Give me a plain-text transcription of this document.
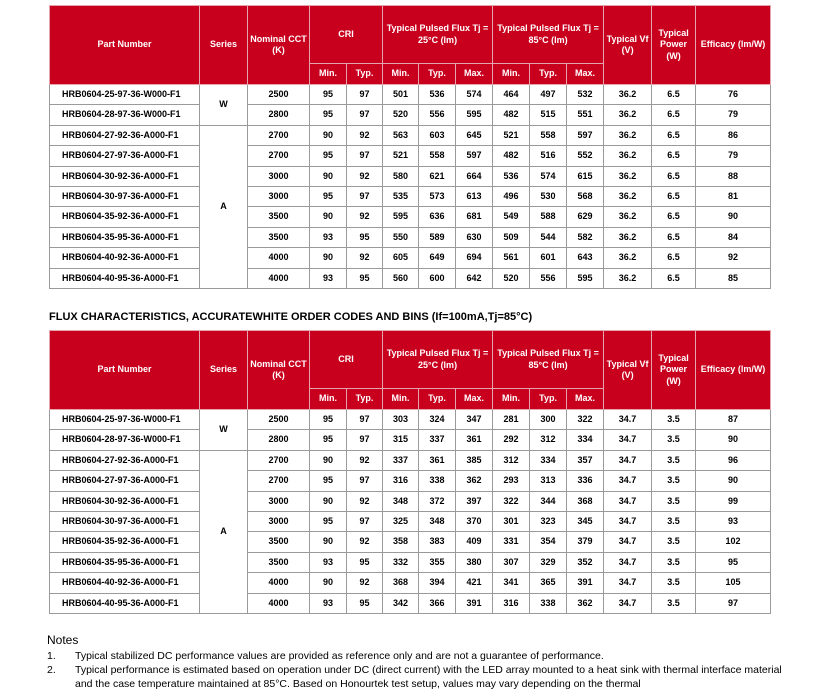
Part Number	Series	Nominal CCT (K)	CRI		Typical Pulsed Flux Tj = 25°C (lm)			Typical Pulsed Flux Tj = 85°C (lm)			Typical Vf (V)	Typical Power (W)	Efficacy (lm/W)
			Min.	Typ.	Min.	Typ.	Max.	Min.	Typ.	Max.			
HRB0604-25-97-36-W000-F1	W	2500	95	97	501	536	574	464	497	532	36.2	6.5	76
HRB0604-28-97-36-W000-F1		2800	95	97	520	556	595	482	515	551	36.2	6.5	79
HRB0604-27-92-36-A000-F1	A	2700	90	92	563	603	645	521	558	597	36.2	6.5	86
HRB0604-27-97-36-A000-F1		2700	95	97	521	558	597	482	516	552	36.2	6.5	79
HRB0604-30-92-36-A000-F1		3000	90	92	580	621	664	536	574	615	36.2	6.5	88
HRB0604-30-97-36-A000-F1		3000	95	97	535	573	613	496	530	568	36.2	6.5	81
HRB0604-35-92-36-A000-F1		3500	90	92	595	636	681	549	588	629	36.2	6.5	90
HRB0604-35-95-36-A000-F1		3500	93	95	550	589	630	509	544	582	36.2	6.5	84
HRB0604-40-92-36-A000-F1		4000	90	92	605	649	694	561	601	643	36.2	6.5	92
HRB0604-40-95-36-A000-F1		4000	93	95	560	600	642	520	556	595	36.2	6.5	85
FLUX CHARACTERISTICS, ACCURATEWHITE ORDER CODES AND BINS (If=100mA,Tj=85°C)
Part Number	Series	Nominal CCT (K)	CRI		Typical Pulsed Flux Tj = 25°C (lm)			Typical Pulsed Flux Tj = 85°C (lm)			Typical Vf (V)	Typical Power (W)	Efficacy (lm/W)
			Min.	Typ.	Min.	Typ.	Max.	Min.	Typ.	Max.			
HRB0604-25-97-36-W000-F1	W	2500	95	97	303	324	347	281	300	322	34.7	3.5	87
HRB0604-28-97-36-W000-F1		2800	95	97	315	337	361	292	312	334	34.7	3.5	90
HRB0604-27-92-36-A000-F1	A	2700	90	92	337	361	385	312	334	357	34.7	3.5	96
HRB0604-27-97-36-A000-F1		2700	95	97	316	338	362	293	313	336	34.7	3.5	90
HRB0604-30-92-36-A000-F1		3000	90	92	348	372	397	322	344	368	34.7	3.5	99
HRB0604-30-97-36-A000-F1		3000	95	97	325	348	370	301	323	345	34.7	3.5	93
HRB0604-35-92-36-A000-F1		3500	90	92	358	383	409	331	354	379	34.7	3.5	102
HRB0604-35-95-36-A000-F1		3500	93	95	332	355	380	307	329	352	34.7	3.5	95
HRB0604-40-92-36-A000-F1		4000	90	92	368	394	421	341	365	391	34.7	3.5	105
HRB0604-40-95-36-A000-F1		4000	93	95	342	366	391	316	338	362	34.7	3.5	97
Notes
1.	Typical stabilized DC performance values are provided as reference only and are not a guarantee of performance.
2.	Typical performance is estimated based on operation under DC (direct current) with the LED array mounted to a heat sink with thermal interface material and the case temperature maintained at 85°C. Based on Honourtek test setup, values may vary depending on the thermal
